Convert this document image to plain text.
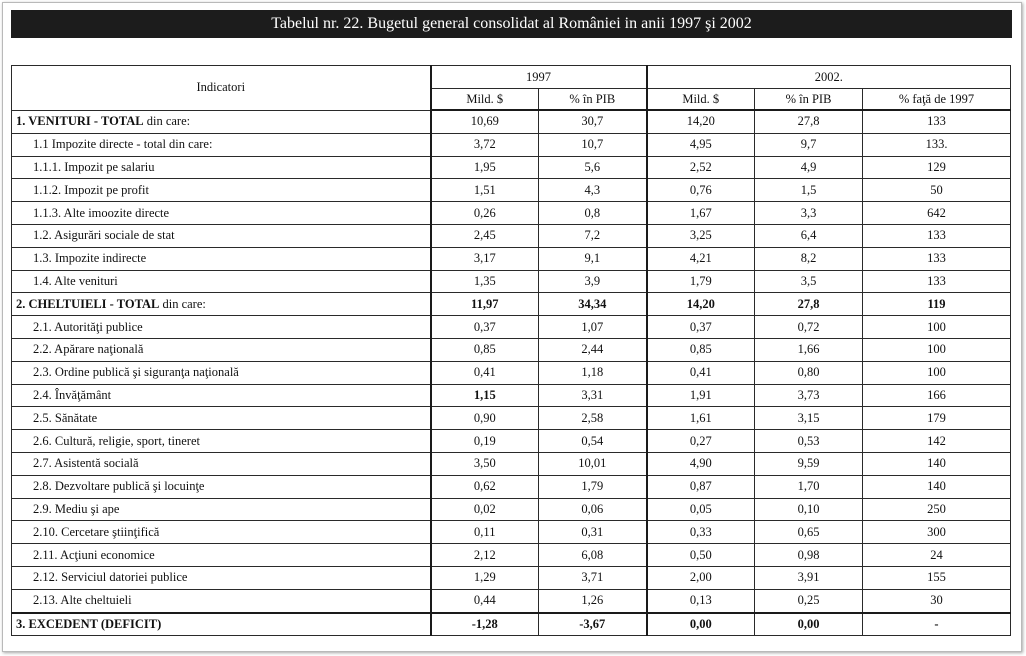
Tabelul nr. 22. Bugetul general consolidat al României in anii 1997 şi 2002
Indicatori	1997		2002.		
	Mild. $	% în PIB	Mild. $	% în PIB	% faţă de 1997
1. VENITURI - TOTAL din care:	10,69	30,7	14,20	27,8	133
1.1 Impozite directe - total din care:	3,72	10,7	4,95	9,7	133.
1.1.1. Impozit pe salariu	1,95	5,6	2,52	4,9	129
1.1.2. Impozit pe profit	1,51	4,3	0,76	1,5	50
1.1.3. Alte imoozite directe	0,26	0,8	1,67	3,3	642
1.2. Asigurări sociale de stat	2,45	7,2	3,25	6,4	133
1.3. Impozite indirecte	3,17	9,1	4,21	8,2	133
1.4. Alte venituri	1,35	3,9	1,79	3,5	133
2. CHELTUIELI - TOTAL din care:	11,97	34,34	14,20	27,8	119
2.1. Autorităţi publice	0,37	1,07	0,37	0,72	100
2.2. Apărare naţională	0,85	2,44	0,85	1,66	100
2.3. Ordine publică şi siguranţa naţională	0,41	1,18	0,41	0,80	100
2.4. Învăţământ	1,15	3,31	1,91	3,73	166
2.5. Sănătate	0,90	2,58	1,61	3,15	179
2.6. Cultură, religie, sport, tineret	0,19	0,54	0,27	0,53	142
2.7. Asistentă socială	3,50	10,01	4,90	9,59	140
2.8. Dezvoltare publică şi locuinţe	0,62	1,79	0,87	1,70	140
2.9. Mediu şi ape	0,02	0,06	0,05	0,10	250
2.10. Cercetare ştiinţifică	0,11	0,31	0,33	0,65	300
2.11. Acţiuni economice	2,12	6,08	0,50	0,98	24
2.12. Serviciul datoriei publice	1,29	3,71	2,00	3,91	155
2.13. Alte cheltuieli	0,44	1,26	0,13	0,25	30
3. EXCEDENT (DEFICIT)	-1,28	-3,67	0,00	0,00	-
